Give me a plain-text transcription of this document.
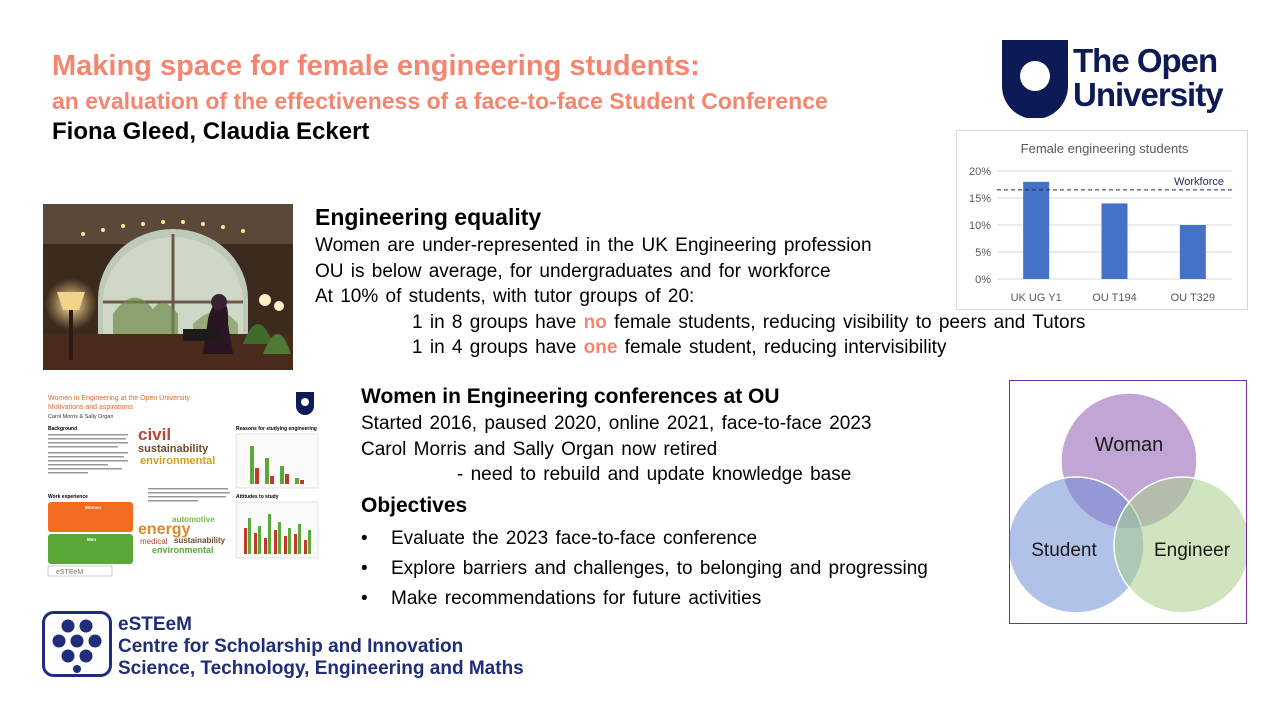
Making space for female engineering students:
an evaluation of the effectiveness of a face-to-face Student Conference
Fiona Gleed, Claudia Eckert
The Open
University
Female engineering students
0%
5%
10%
15%
20%
UK UG Y1	OU T194	OU T329
Workforce
Engineering equality
Women are under-represented in the UK Engineering profession
OU is below average, for undergraduates and for workforce
At 10% of students, with tutor groups of 20:
1 in 8 groups have no female students, reducing visibility to peers and Tutors
1 in 4 groups have one female student, reducing intervisibility
Women in Engineering at the Open University
Motivations and aspirations
Carol Morris & Sally Organ
Background
Work experience
Women
Men
civil
sustainability
environmental
energy
automotive
medical sustainability
environmental
Reasons for studying engineering
Attitudes to study
eSTEeM
Women in Engineering conferences at OU
Started 2016, paused 2020, online 2021, face-to-face 2023
Carol Morris and Sally Organ now retired
- need to rebuild and update knowledge base
Objectives
• Evaluate the 2023 face-to-face conference
• Explore barriers and challenges, to belonging and progressing
• Make recommendations for future activities
Woman
Student	Engineer
eSTEeM
Centre for Scholarship and Innovation
Science, Technology, Engineering and Maths
